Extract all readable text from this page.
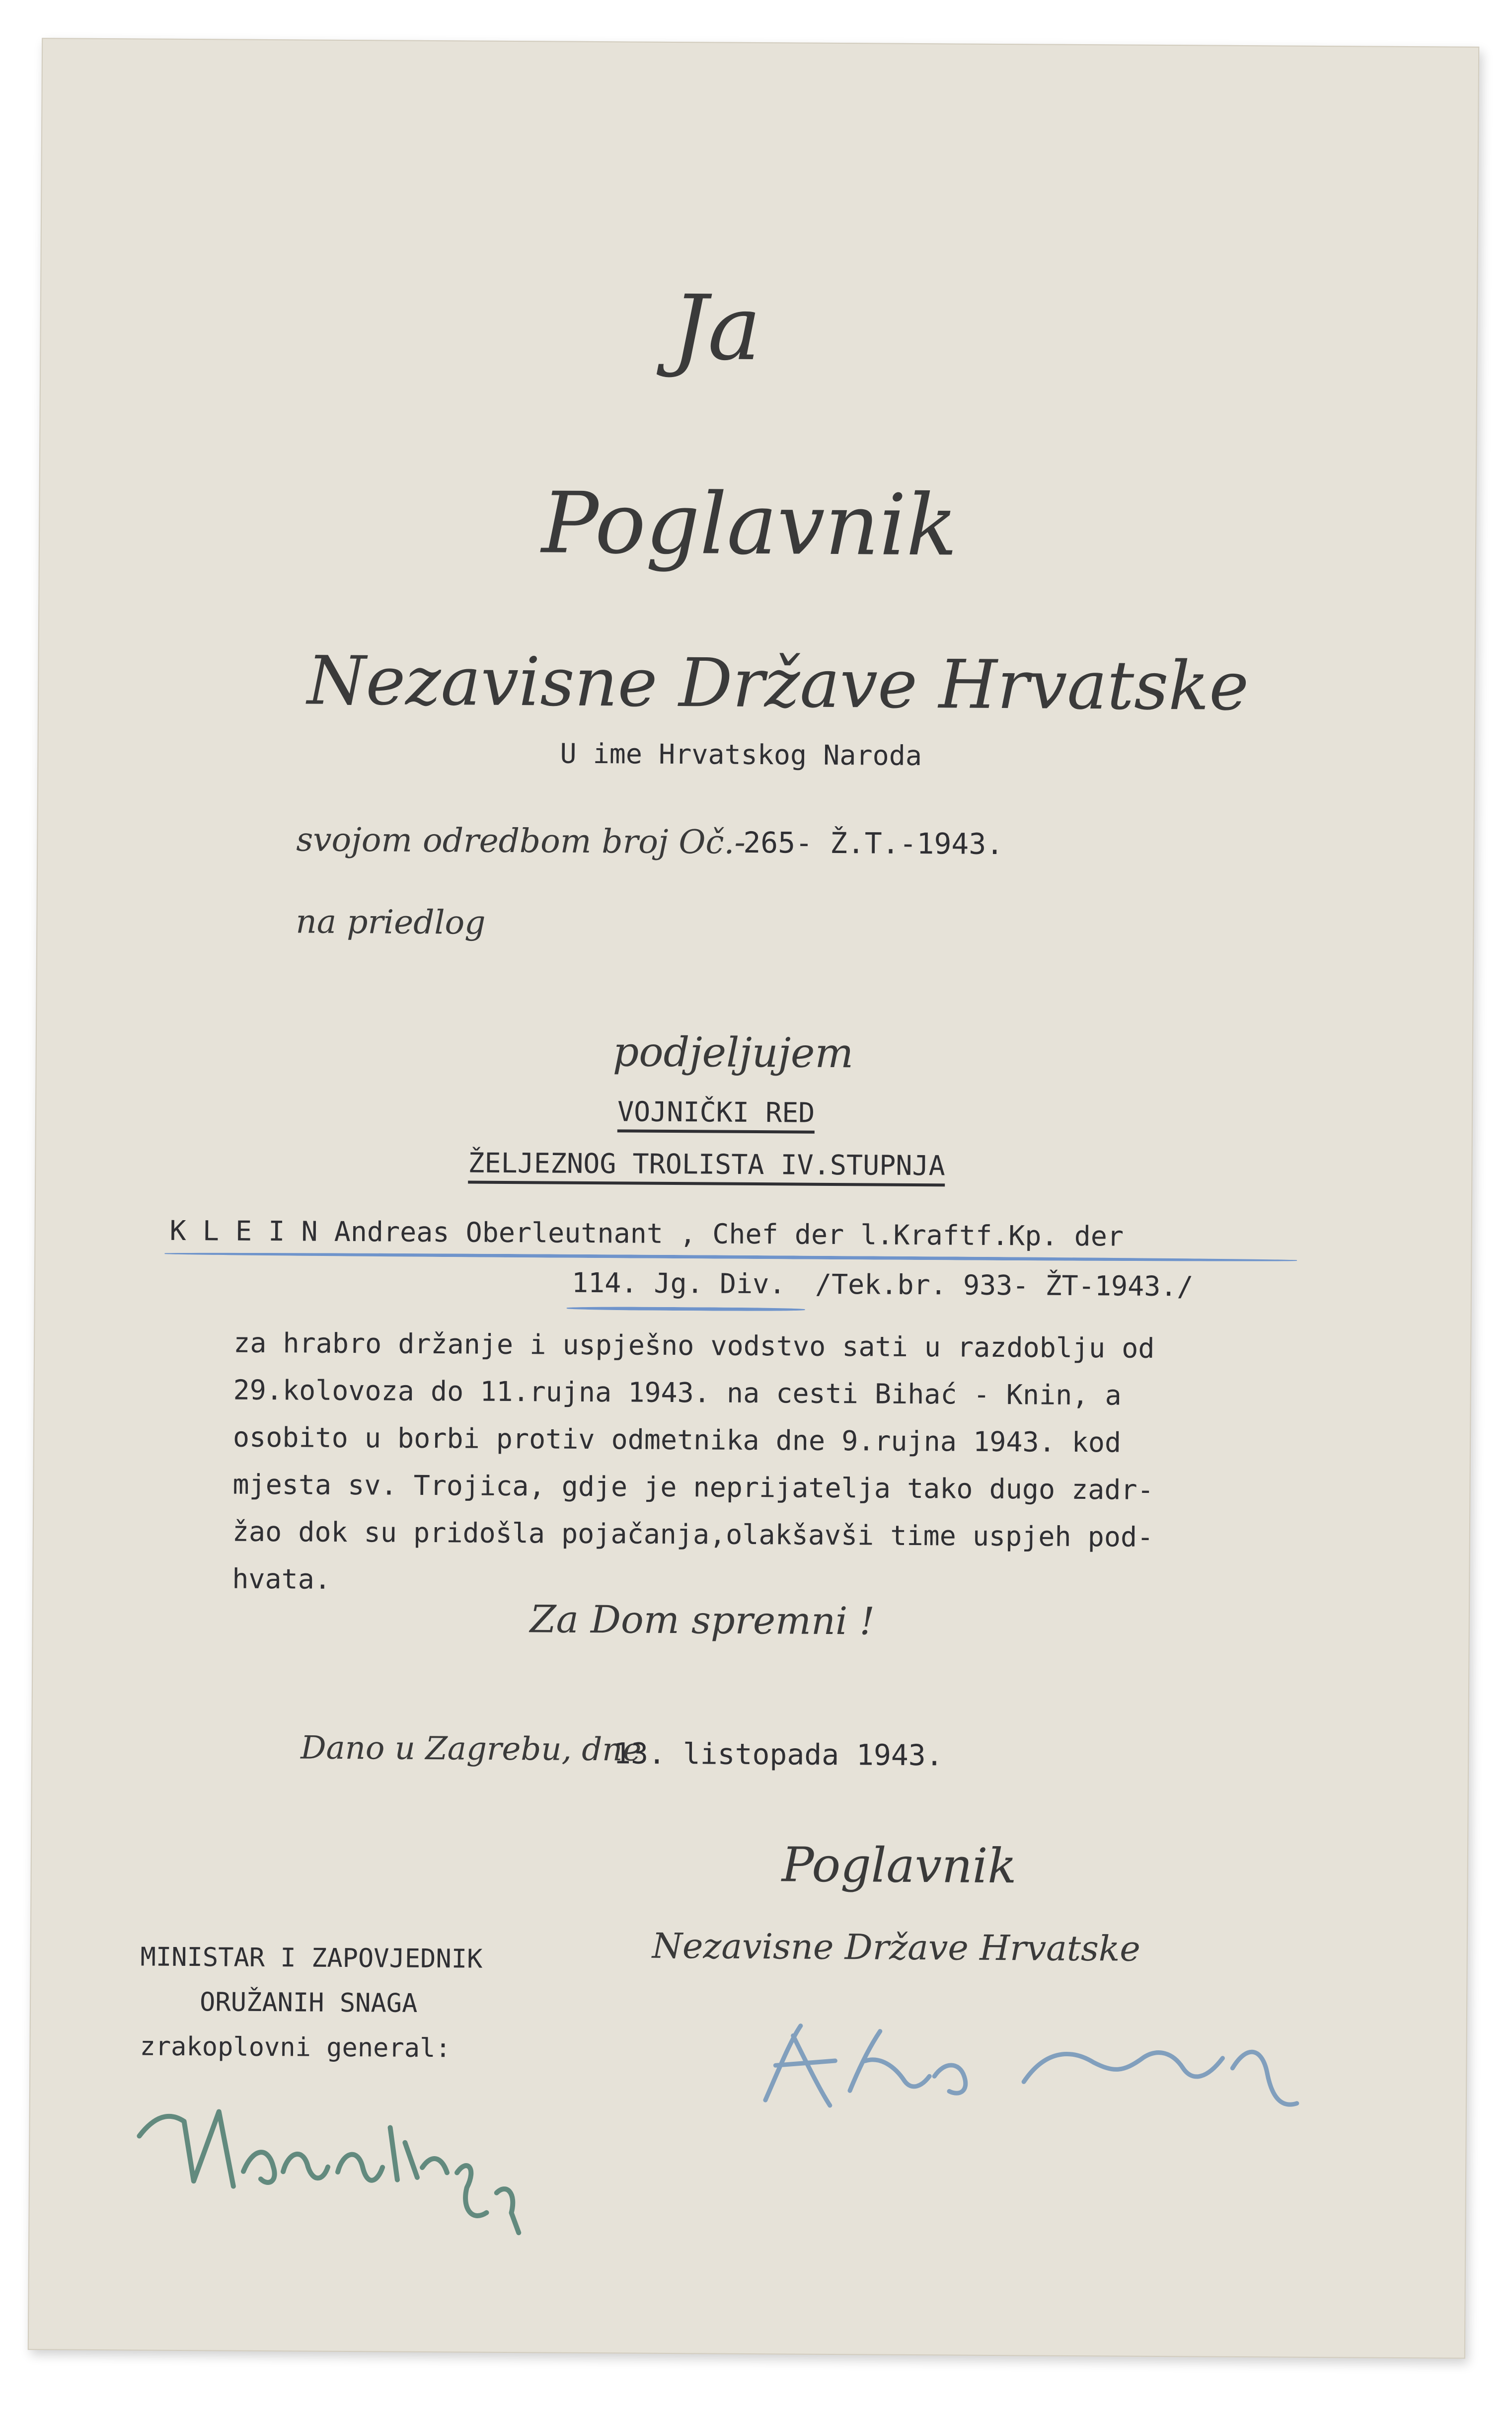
Ja
Poglavnik
Nezavisne Države Hrvatske
U ime Hrvatskog Naroda
svojom odredbom broj Oč.-
265- Ž.T.-1943.
na priedlog
podjeljujem
VOJNIČKI RED
ŽELJEZNOG TROLISTA IV.STUPNJA
K L E I N Andreas Oberleutnant , Chef der l.Kraftf.Kp. der
114. Jg. Div. /Tek.br. 933- ŽT-1943./
za hrabro držanje i uspješno vodstvo sati u razdoblju od
29.kolovoza do 11.rujna 1943. na cesti Bihać - Knin, a
osobito u borbi protiv odmetnika dne 9.rujna 1943. kod
mjesta sv. Trojica, gdje je neprijatelja tako dugo zadr-
žao dok su pridošla pojačanja,olakšavši time uspjeh pod-
hvata.
Za Dom spremni !
Dano u Zagrebu, dne
13. listopada 1943.
Poglavnik
Nezavisne Države Hrvatske
MINISTAR I ZAPOVJEDNIK
ORUŽANIH SNAGA
zrakoplovni general:
